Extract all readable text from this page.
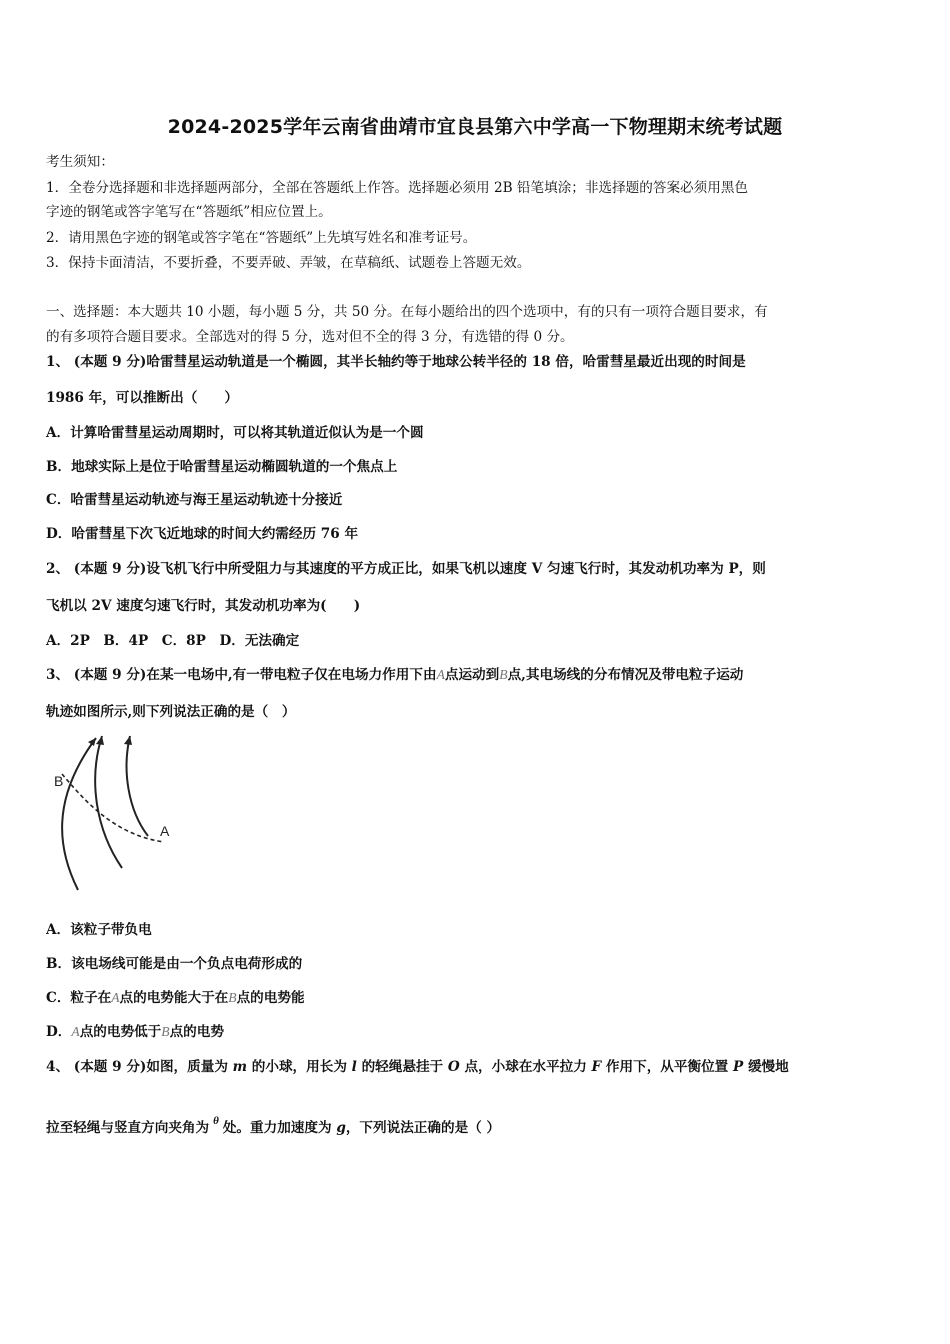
2024-2025学年云南省曲靖市宜良县第六中学高一下物理期末统考试题
考生须知：
1．全卷分选择题和非选择题两部分，全部在答题纸上作答。选择题必须用 2B 铅笔填涂；非选择题的答案必须用黑色
字迹的钢笔或答字笔写在“答题纸”相应位置上。
2．请用黑色字迹的钢笔或答字笔在“答题纸”上先填写姓名和准考证号。
3．保持卡面清洁，不要折叠，不要弄破、弄皱，在草稿纸、试题卷上答题无效。
一、选择题：本大题共 10 小题，每小题 5 分，共 50 分。在每小题给出的四个选项中，有的只有一项符合题目要求，有
的有多项符合题目要求。全部选对的得 5 分，选对但不全的得 3 分，有选错的得 0 分。
1、 (本题 9 分)哈雷彗星运动轨道是一个椭圆，其半长轴约等于地球公转半径的 18 倍，哈雷彗星最近出现的时间是
1986 年，可以推断出（　　）
A．计算哈雷彗星运动周期时，可以将其轨道近似认为是一个圆
B．地球实际上是位于哈雷彗星运动椭圆轨道的一个焦点上
C．哈雷彗星运动轨迹与海王星运动轨迹十分接近
D．哈雷彗星下次飞近地球的时间大约需经历 76 年
2、 (本题 9 分)设飞机飞行中所受阻力与其速度的平方成正比，如果飞机以速度 V 匀速飞行时，其发动机功率为 P，则
飞机以 2V 速度匀速飞行时，其发动机功率为(　　)
A．2P　B．4P　C．8P　D．无法确定
3、 (本题 9 分)在某一电场中,有一带电粒子仅在电场力作用下由A点运动到B点,其电场线的分布情况及带电粒子运动
轨迹如图所示,则下列说法正确的是（　）
B
A
A．该粒子带负电
B．该电场线可能是由一个负点电荷形成的
C．粒子在A点的电势能大于在B点的电势能
D．A点的电势低于B点的电势
4、 (本题 9 分)如图，质量为 m 的小球，用长为 l 的轻绳悬挂于 O 点，小球在水平拉力 F 作用下，从平衡位置 P 缓慢地
拉至轻绳与竖直方向夹角为 $^\theta$ 处。重力加速度为 g，下列说法正确的是（ ）
